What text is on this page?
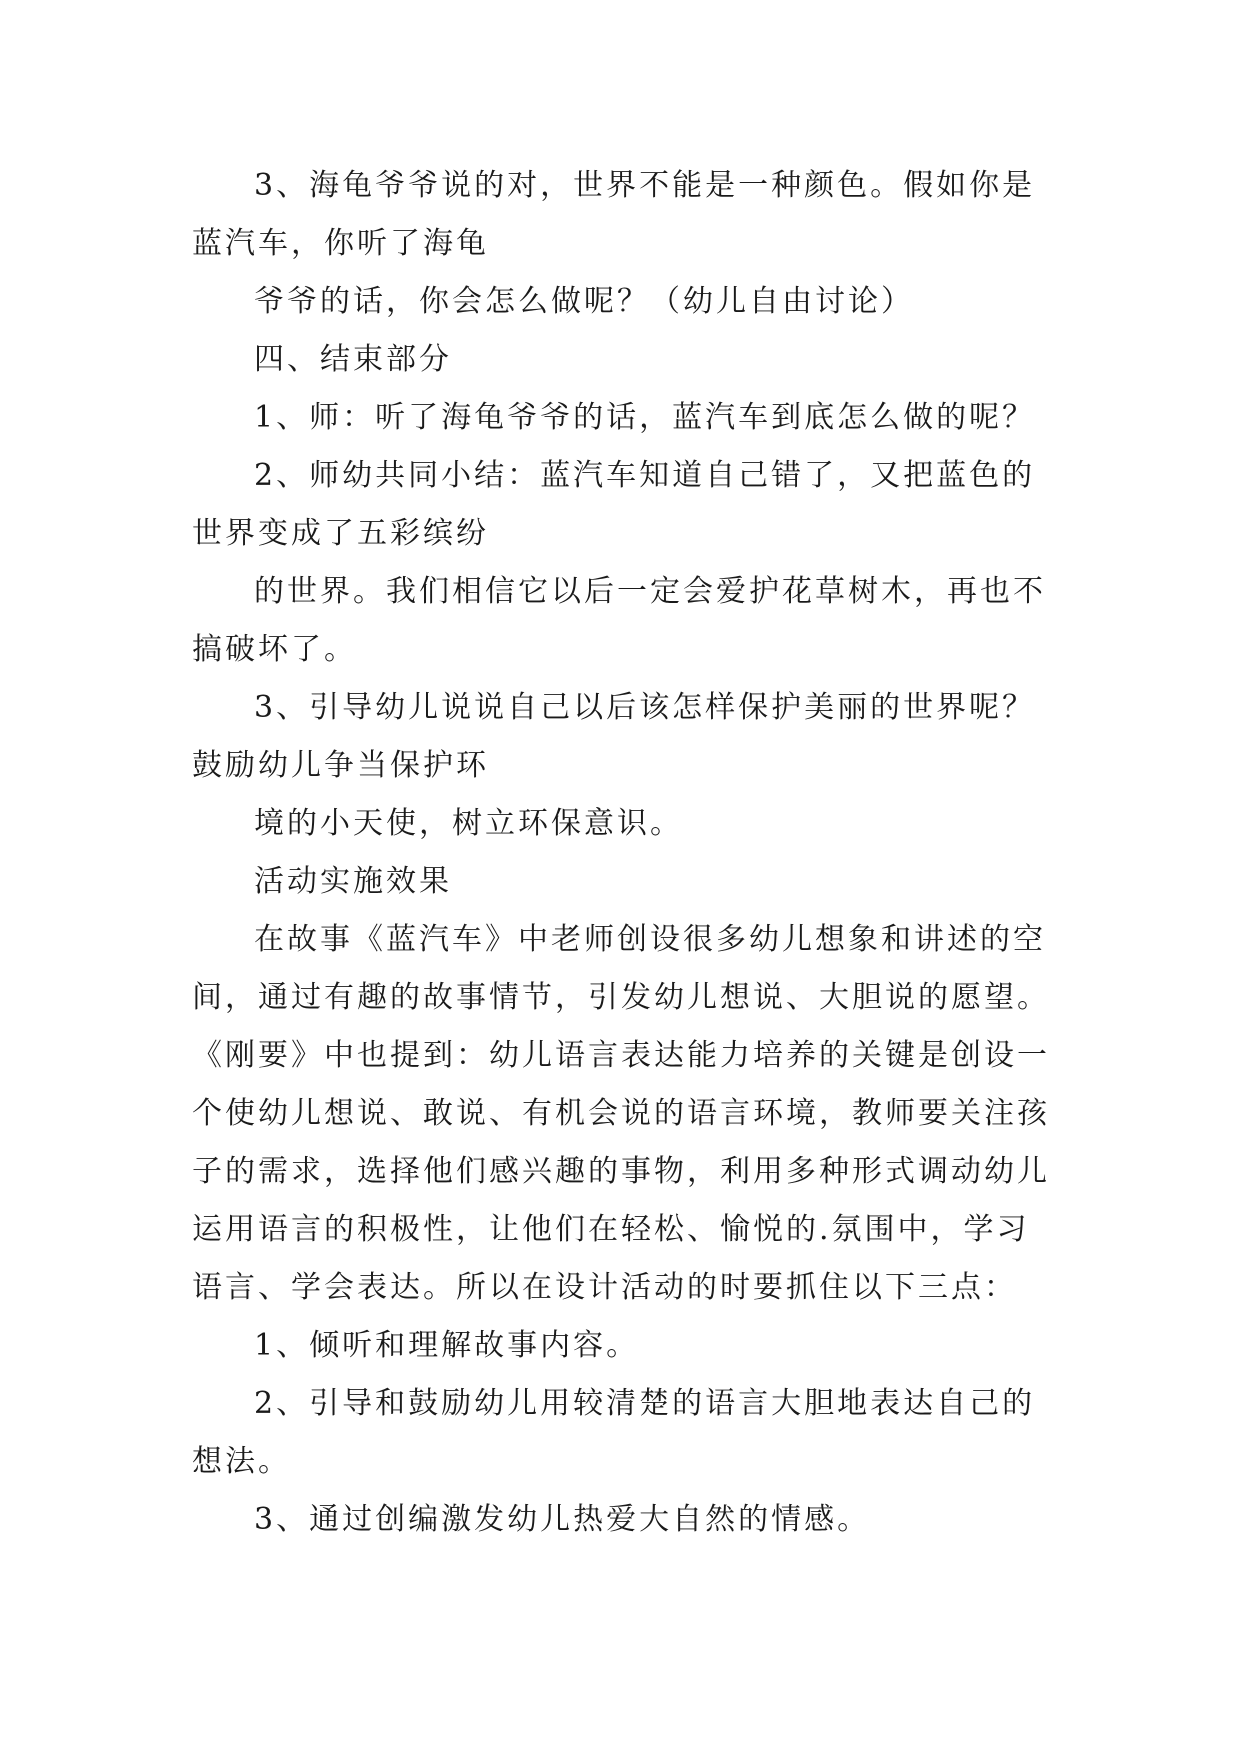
3、海龟爷爷说的对，世界不能是一种颜色。假如你是
蓝汽车，你听了海龟
爷爷的话，你会怎么做呢？（幼儿自由讨论）
四、结束部分
1、师：听了海龟爷爷的话，蓝汽车到底怎么做的呢？
2、师幼共同小结：蓝汽车知道自己错了，又把蓝色的
世界变成了五彩缤纷
的世界。我们相信它以后一定会爱护花草树木，再也不
搞破坏了。
3、引导幼儿说说自己以后该怎样保护美丽的世界呢？
鼓励幼儿争当保护环
境的小天使，树立环保意识。
活动实施效果
在故事《蓝汽车》中老师创设很多幼儿想象和讲述的空
间，通过有趣的故事情节，引发幼儿想说、大胆说的愿望。
《刚要》中也提到：幼儿语言表达能力培养的关键是创设一
个使幼儿想说、敢说、有机会说的语言环境，教师要关注孩
子的需求，选择他们感兴趣的事物，利用多种形式调动幼儿
运用语言的积极性，让他们在轻松、愉悦的.氛围中，学习
语言、学会表达。所以在设计活动的时要抓住以下三点：
1、倾听和理解故事内容。
2、引导和鼓励幼儿用较清楚的语言大胆地表达自己的
想法。
3、通过创编激发幼儿热爱大自然的情感。
